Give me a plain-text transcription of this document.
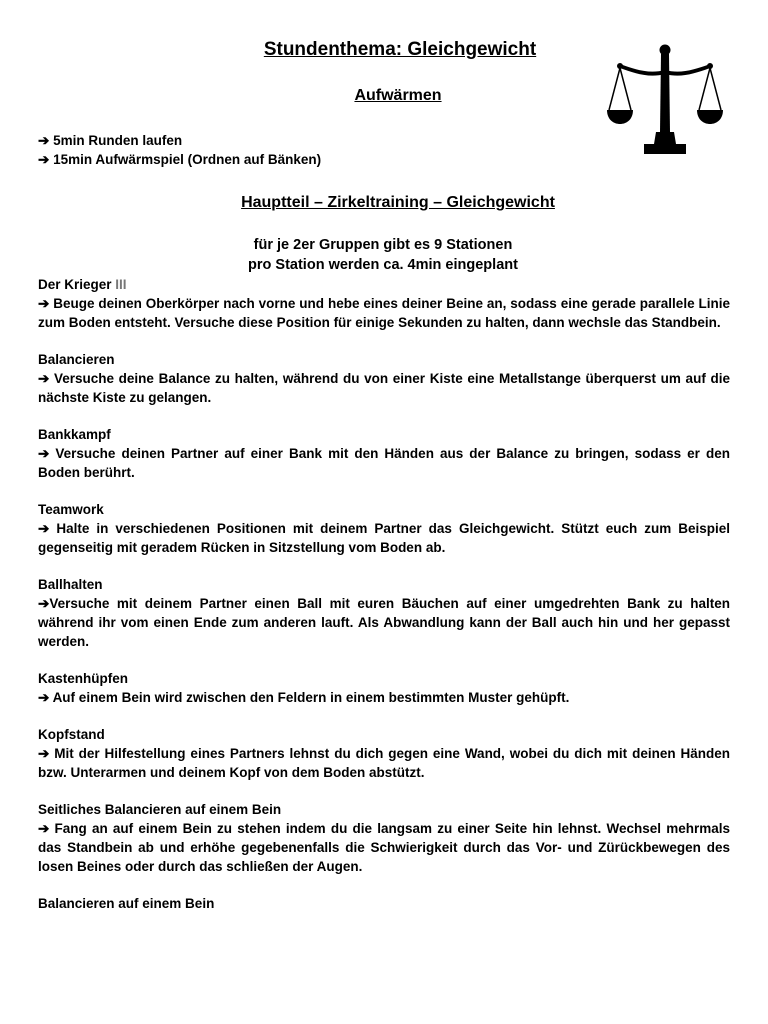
Stundenthema: Gleichgewicht
Aufwärmen
➔ 5min Runden laufen
➔ 15min Aufwärmspiel (Ordnen auf Bänken)
Hauptteil – Zirkeltraining – Gleichgewicht
für je 2er Gruppen gibt es 9 Stationen
pro Station werden ca. 4min eingeplant
Der Krieger III
➔ Beuge deinen Oberkörper nach vorne und hebe eines deiner Beine an, sodass eine gerade parallele Linie zum Boden entsteht. Versuche diese Position für einige Sekunden zu halten, dann wechsle das Standbein.
Balancieren
➔ Versuche deine Balance zu halten, während du von einer Kiste eine Metallstange überquerst um auf die nächste Kiste zu gelangen.
Bankkampf
➔ Versuche deinen Partner auf einer Bank mit den Händen aus der Balance zu bringen, sodass er den Boden berührt.
Teamwork
➔ Halte in verschiedenen Positionen mit deinem Partner das Gleichgewicht. Stützt euch zum Beispiel gegenseitig mit geradem Rücken in Sitzstellung vom Boden ab.
Ballhalten
➔Versuche mit deinem Partner einen Ball mit euren Bäuchen auf einer umgedrehten Bank zu halten während ihr vom einen Ende zum anderen lauft. Als Abwandlung kann der Ball auch hin und her gepasst werden.
Kastenhüpfen
➔ Auf einem Bein wird zwischen den Feldern in einem bestimmten Muster gehüpft.
Kopfstand
➔ Mit der Hilfestellung eines Partners lehnst du dich gegen eine Wand, wobei du dich mit deinen Händen bzw. Unterarmen und deinem Kopf von dem Boden abstützt.
Seitliches Balancieren auf einem Bein
➔ Fang an auf einem Bein zu stehen indem du die langsam zu einer Seite hin lehnst. Wechsel mehrmals das Standbein ab und erhöhe gegebenenfalls die Schwierigkeit durch das Vor- und Zürückbewegen des losen Beines oder durch das schließen der Augen.
Balancieren auf einem Bein
